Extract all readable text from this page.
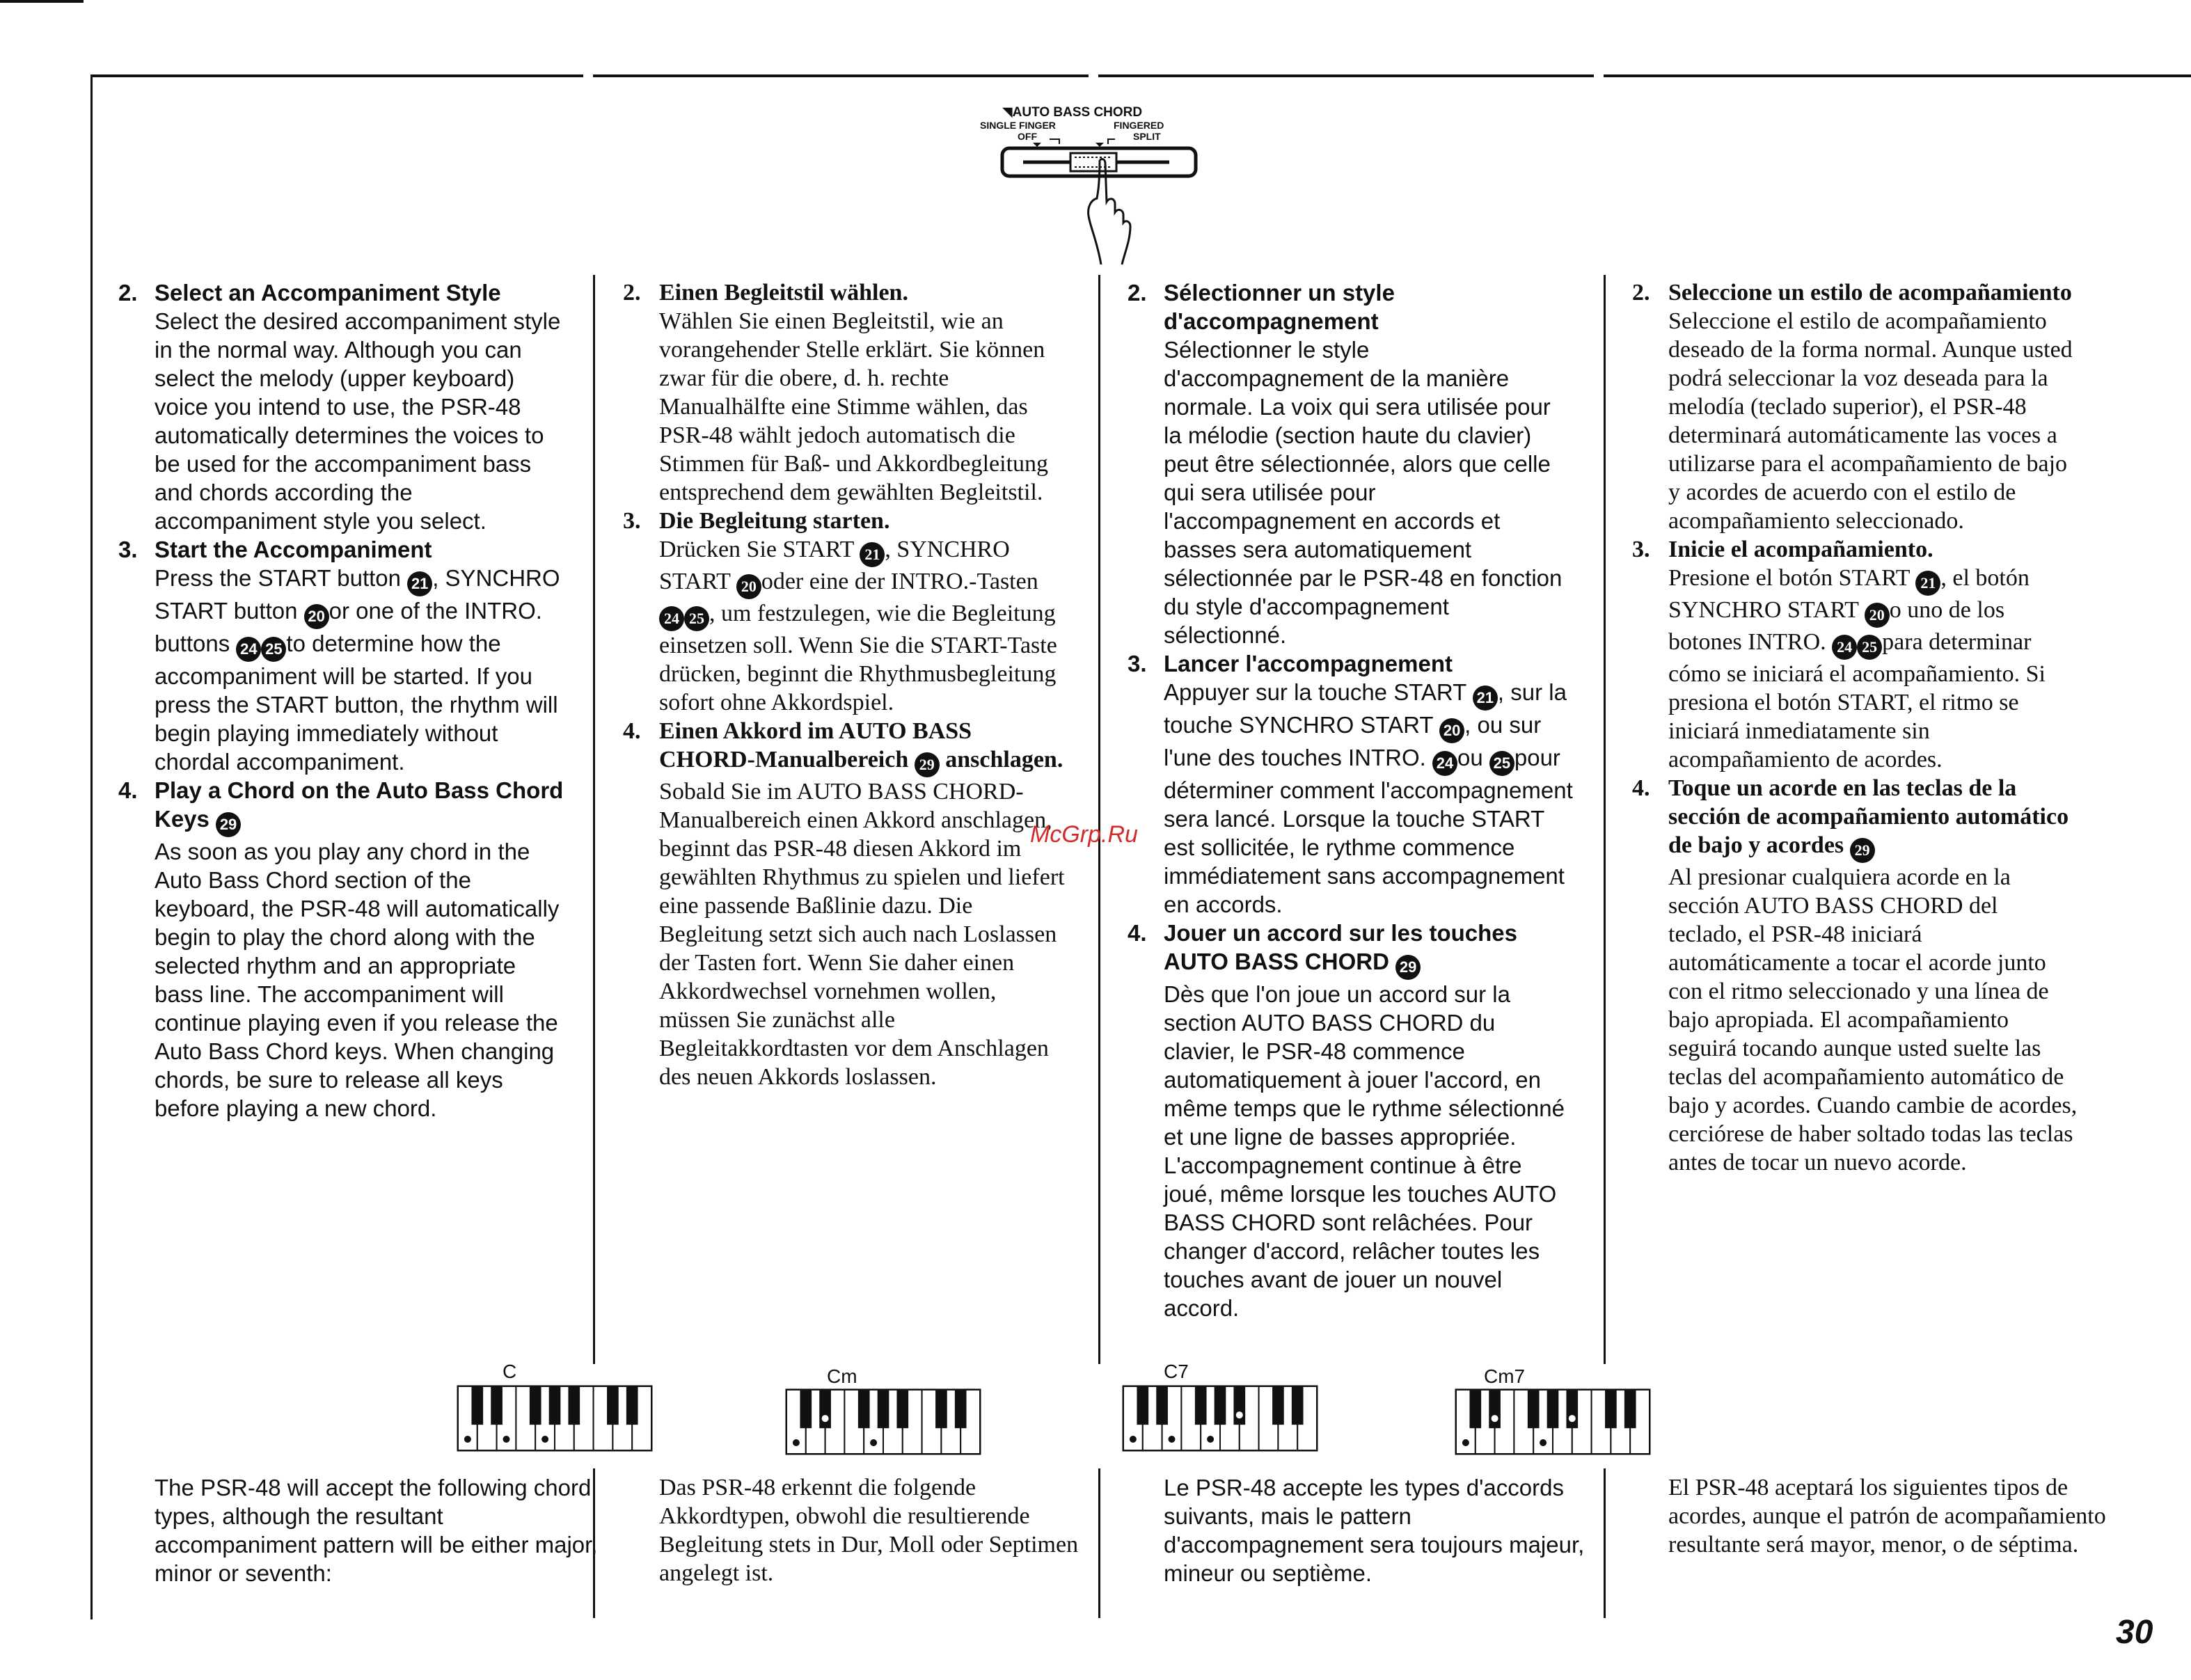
◥AUTO BASS CHORD
SINGLE FINGER	FINGERED
OFF	SPLIT
2. Select an Accompaniment Style
Select the desired accompaniment style in the normal way. Although you can select the melody (upper keyboard) voice you intend to use, the PSR-48 automatically determines the voices to be used for the accompaniment bass and chords according the accompaniment style you select.
3. Start the Accompaniment
Press the START button 21 , SYNCHRO START button 20 or one of the INTRO. buttons 24 25 to determine how the accompaniment will be started. If you press the START button, the rhythm will begin playing immediately without chordal accompaniment.
4. Play a Chord on the Auto Bass Chord Keys 29
As soon as you play any chord in the Auto Bass Chord section of the keyboard, the PSR-48 will automatically begin to play the chord along with the selected rhythm and an appropriate bass line. The accompaniment will continue playing even if you release the Auto Bass Chord keys. When changing chords, be sure to release all keys before playing a new chord.
2. Einen Begleitstil wählen.
Wählen Sie einen Begleitstil, wie an vorangehender Stelle erklärt. Sie können zwar für die obere, d. h. rechte Manualhälfte eine Stimme wählen, das PSR-48 wählt jedoch automatisch die Stimmen für Baß- und Akkordbegleitung entsprechend dem gewählten Begleitstil.
3. Die Begleitung starten.
Drücken Sie START 21 , SYNCHRO START 20 oder eine der INTRO.-Tasten 24 25 , um festzulegen, wie die Begleitung einsetzen soll. Wenn Sie die START-Taste drücken, beginnt die Rhythmusbegleitung sofort ohne Akkordspiel.
4. Einen Akkord im AUTO BASS CHORD-Manualbereich 29 anschlagen.
Sobald Sie im AUTO BASS CHORD-Manualbereich einen Akkord anschlagen, beginnt das PSR-48 diesen Akkord im gewählten Rhythmus zu spielen und liefert eine passende Baßlinie dazu. Die Begleitung setzt sich auch nach Loslassen der Tasten fort. Wenn Sie daher einen Akkordwechsel vornehmen wollen, müssen Sie zunächst alle Begleitakkordtasten vor dem Anschlagen des neuen Akkords loslassen.
2. Sélectionner un style d'accompagnement
Sélectionner le style d'accompagnement de la manière normale. La voix qui sera utilisée pour la mélodie (section haute du clavier) peut être sélectionnée, alors que celle qui sera utilisée pour l'accompagnement en accords et basses sera automatiquement sélectionnée par le PSR-48 en fonction du style d'accompagnement sélectionné.
3. Lancer l'accompagnement
Appuyer sur la touche START 21 , sur la touche SYNCHRO START 20 , ou sur l'une des touches INTRO. 24 ou 25 pour déterminer comment l'accompagnement sera lancé. Lorsque la touche START est sollicitée, le rythme commence immédiatement sans accompagnement en accords.
4. Jouer un accord sur les touches AUTO BASS CHORD 29
Dès que l'on joue un accord sur la section AUTO BASS CHORD du clavier, le PSR-48 commence automatiquement à jouer l'accord, en même temps que le rythme sélectionné et une ligne de basses appropriée. L'accompagnement continue à être joué, même lorsque les touches AUTO BASS CHORD sont relâchées. Pour changer d'accord, relâcher toutes les touches avant de jouer un nouvel accord.
2. Seleccione un estilo de acompañamiento
Seleccione el estilo de acompañamiento deseado de la forma normal. Aunque usted podrá seleccionar la voz deseada para la melodía (teclado superior), el PSR-48 determinará automáticamente las voces a utilizarse para el acompañamiento de bajo y acordes de acuerdo con el estilo de acompañamiento seleccionado.
3. Inicie el acompañamiento.
Presione el botón START 21 , el botón SYNCHRO START 20 o uno de los botones INTRO. 24 25 para determinar cómo se iniciará el acompañamiento. Si presiona el botón START, el ritmo se iniciará inmediatamente sin acompañamiento de acordes.
4. Toque un acorde en las teclas de la sección de acompañamiento automático de bajo y acordes 29
Al presionar cualquiera acorde en la sección AUTO BASS CHORD del teclado, el PSR-48 iniciará automáticamente a tocar el acorde junto con el ritmo seleccionado y una línea de bajo apropiada. El acompañamiento seguirá tocando aunque usted suelte las teclas del acompañamiento automático de bajo y acordes. Cuando cambie de acordes, cerciórese de haber soltado todas las teclas antes de tocar un nuevo acorde.
McGrp.Ru
C	Cm	C7	Cm7
The PSR-48 will accept the following chord types, although the resultant accompaniment pattern will be either major, minor or seventh:
Das PSR-48 erkennt die folgende Akkordtypen, obwohl die resultierende Begleitung stets in Dur, Moll oder Septimen angelegt ist.
Le PSR-48 accepte les types d'accords suivants, mais le pattern d'accompagnement sera toujours majeur, mineur ou septième.
El PSR-48 aceptará los siguientes tipos de acordes, aunque el patrón de acompañamiento resultante será mayor, menor, o de séptima.
30
